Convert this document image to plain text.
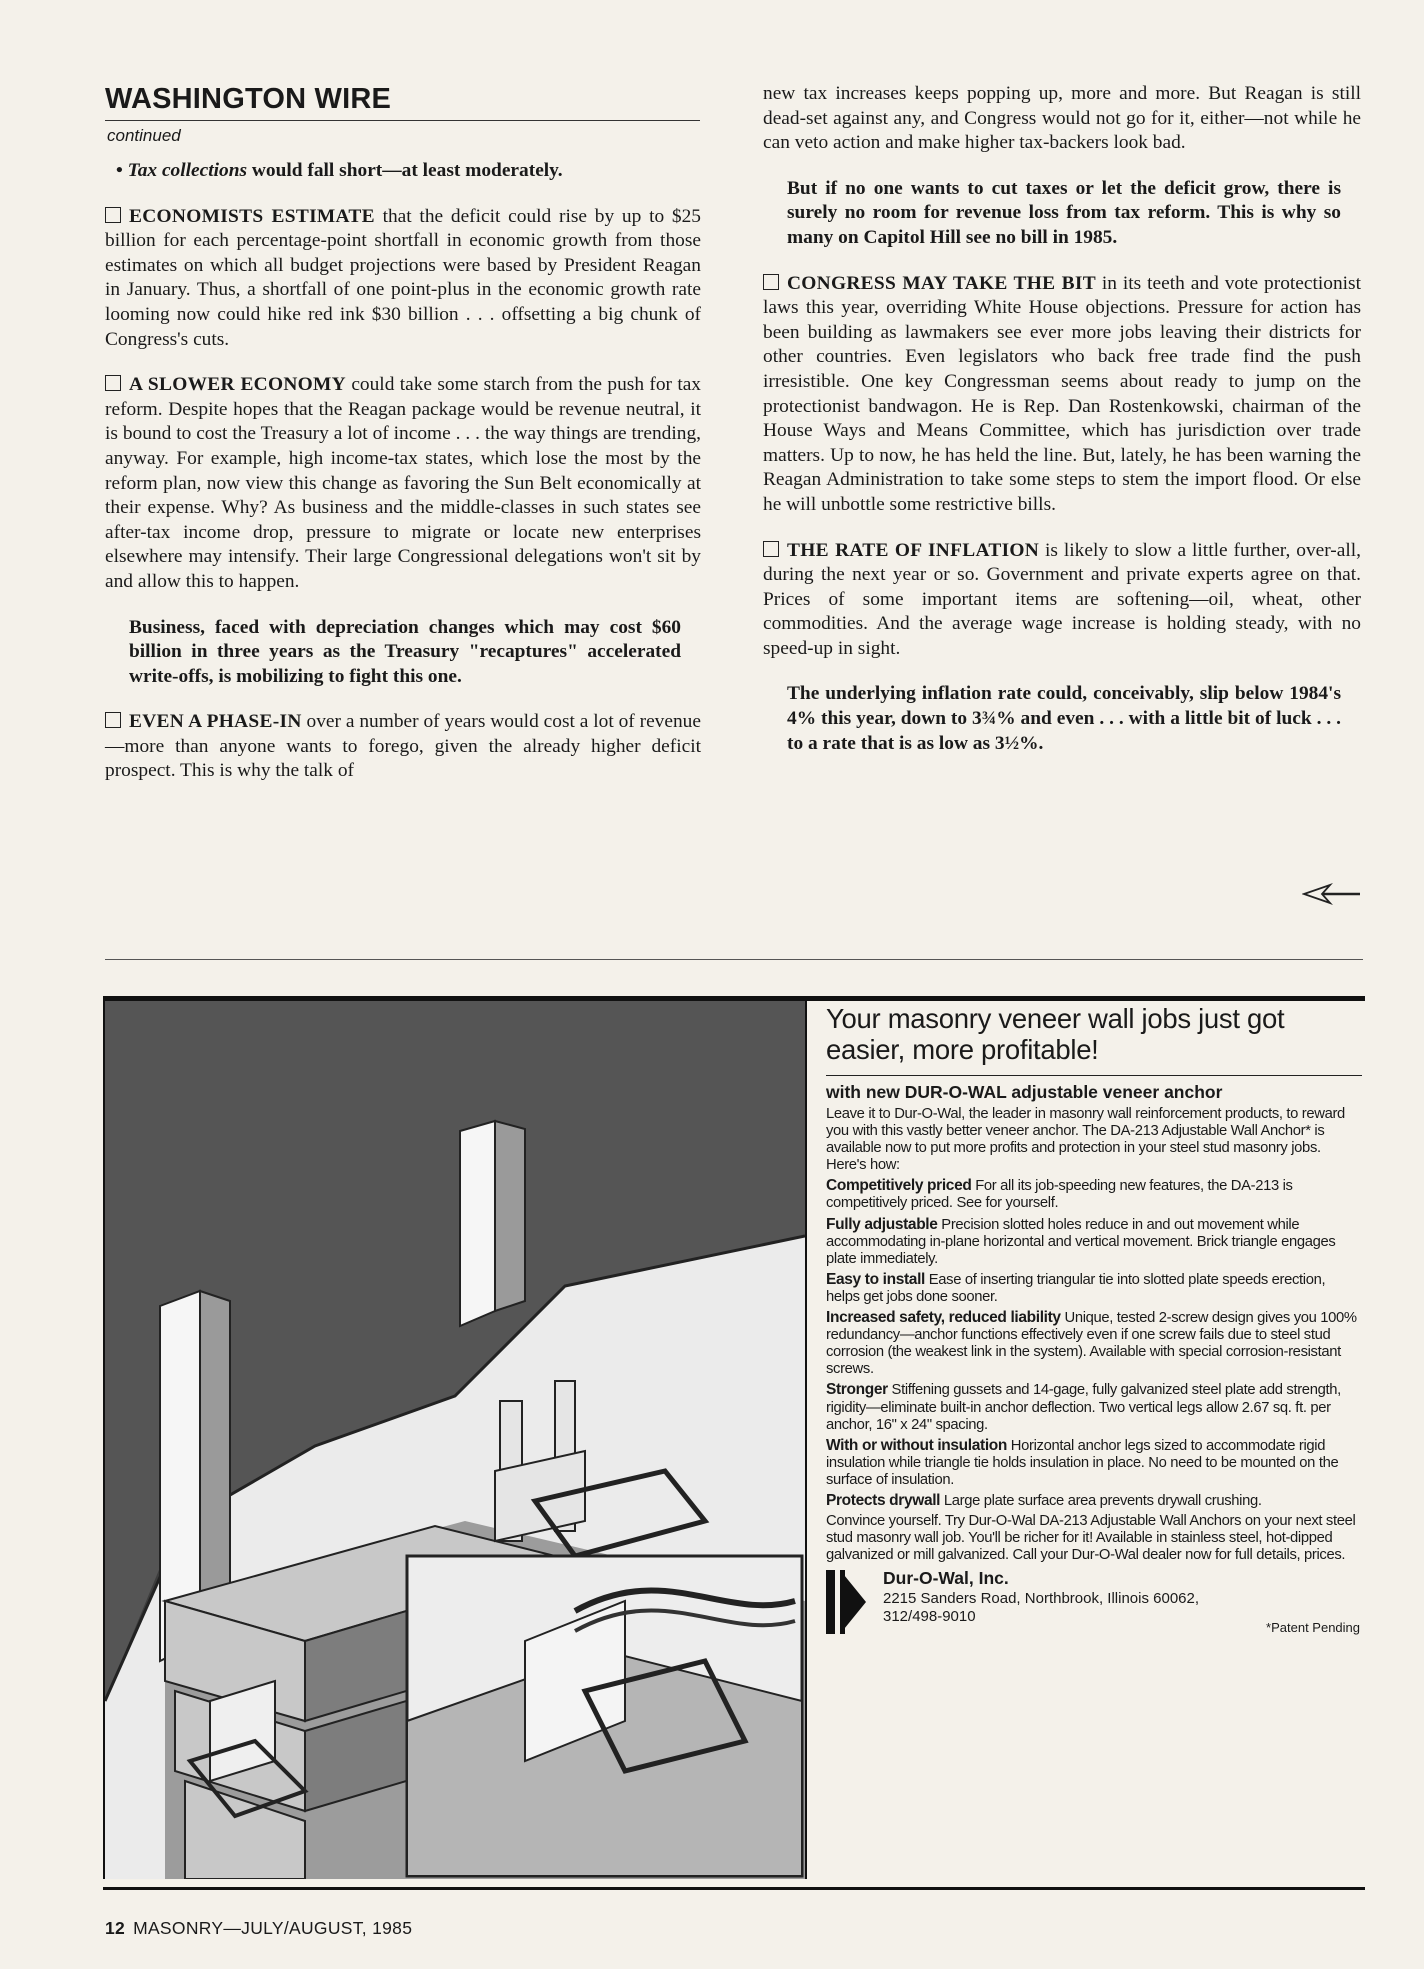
WASHINGTON WIRE
continued

• Tax collections would fall short—at least moderately.

ECONOMISTS ESTIMATE that the deficit could rise by up to $25 billion for each percentage-point shortfall in economic growth from those estimates on which all budget projections were based by President Reagan in January. Thus, a shortfall of one point-plus in the economic growth rate looming now could hike red ink $30 billion . . . offsetting a big chunk of Congress's cuts.

A SLOWER ECONOMY could take some starch from the push for tax reform. Despite hopes that the Reagan package would be revenue neutral, it is bound to cost the Treasury a lot of income . . . the way things are trending, anyway. For example, high income-tax states, which lose the most by the reform plan, now view this change as favoring the Sun Belt economically at their expense. Why? As business and the middle-classes in such states see after-tax income drop, pressure to migrate or locate new enterprises elsewhere may intensify. Their large Congressional delegations won't sit by and allow this to happen.

Business, faced with depreciation changes which may cost $60 billion in three years as the Treasury "recaptures" accelerated write-offs, is mobilizing to fight this one.

EVEN A PHASE-IN over a number of years would cost a lot of revenue—more than anyone wants to forego, given the already higher deficit prospect. This is why the talk of

new tax increases keeps popping up, more and more. But Reagan is still dead-set against any, and Congress would not go for it, either—not while he can veto action and make higher tax-backers look bad.

But if no one wants to cut taxes or let the deficit grow, there is surely no room for revenue loss from tax reform. This is why so many on Capitol Hill see no bill in 1985.

CONGRESS MAY TAKE THE BIT in its teeth and vote protectionist laws this year, overriding White House objections. Pressure for action has been building as lawmakers see ever more jobs leaving their districts for other countries. Even legislators who back free trade find the push irresistible. One key Congressman seems about ready to jump on the protectionist bandwagon. He is Rep. Dan Rostenkowski, chairman of the House Ways and Means Committee, which has jurisdiction over trade matters. Up to now, he has held the line. But, lately, he has been warning the Reagan Administration to take some steps to stem the import flood. Or else he will unbottle some restrictive bills.

THE RATE OF INFLATION is likely to slow a little further, over-all, during the next year or so. Government and private experts agree on that. Prices of some important items are softening—oil, wheat, other commodities. And the average wage increase is holding steady, with no speed-up in sight.

The underlying inflation rate could, conceivably, slip below 1984's 4% this year, down to 3¾% and even . . . with a little bit of luck . . . to a rate that is as low as 3½%.

Your masonry veneer wall jobs just got easier, more profitable!
with new DUR-O-WAL adjustable veneer anchor

Leave it to Dur-O-Wal, the leader in masonry wall reinforcement products, to reward you with this vastly better veneer anchor. The DA-213 Adjustable Wall Anchor* is available now to put more profits and protection in your steel stud masonry jobs. Here's how:

Competitively priced For all its job-speeding new features, the DA-213 is competitively priced. See for yourself.

Fully adjustable Precision slotted holes reduce in and out movement while accommodating in-plane horizontal and vertical movement. Brick triangle engages plate immediately.

Easy to install Ease of inserting triangular tie into slotted plate speeds erection, helps get jobs done sooner.

Increased safety, reduced liability Unique, tested 2-screw design gives you 100% redundancy—anchor functions effectively even if one screw fails due to steel stud corrosion (the weakest link in the system). Available with special corrosion-resistant screws.

Stronger Stiffening gussets and 14-gage, fully galvanized steel plate add strength, rigidity—eliminate built-in anchor deflection. Two vertical legs allow 2.67 sq. ft. per anchor, 16" x 24" spacing.

With or without insulation Horizontal anchor legs sized to accommodate rigid insulation while triangle tie holds insulation in place. No need to be mounted on the surface of insulation.

Protects drywall Large plate surface area prevents drywall crushing.

Convince yourself. Try Dur-O-Wal DA-213 Adjustable Wall Anchors on your next steel stud masonry wall job. You'll be richer for it! Available in stainless steel, hot-dipped galvanized or mill galvanized. Call your Dur-O-Wal dealer now for full details, prices.

Dur-O-Wal, Inc.
2215 Sanders Road, Northbrook, Illinois 60062,
312/498-9010
*Patent Pending
12 MASONRY—JULY/AUGUST, 1985
